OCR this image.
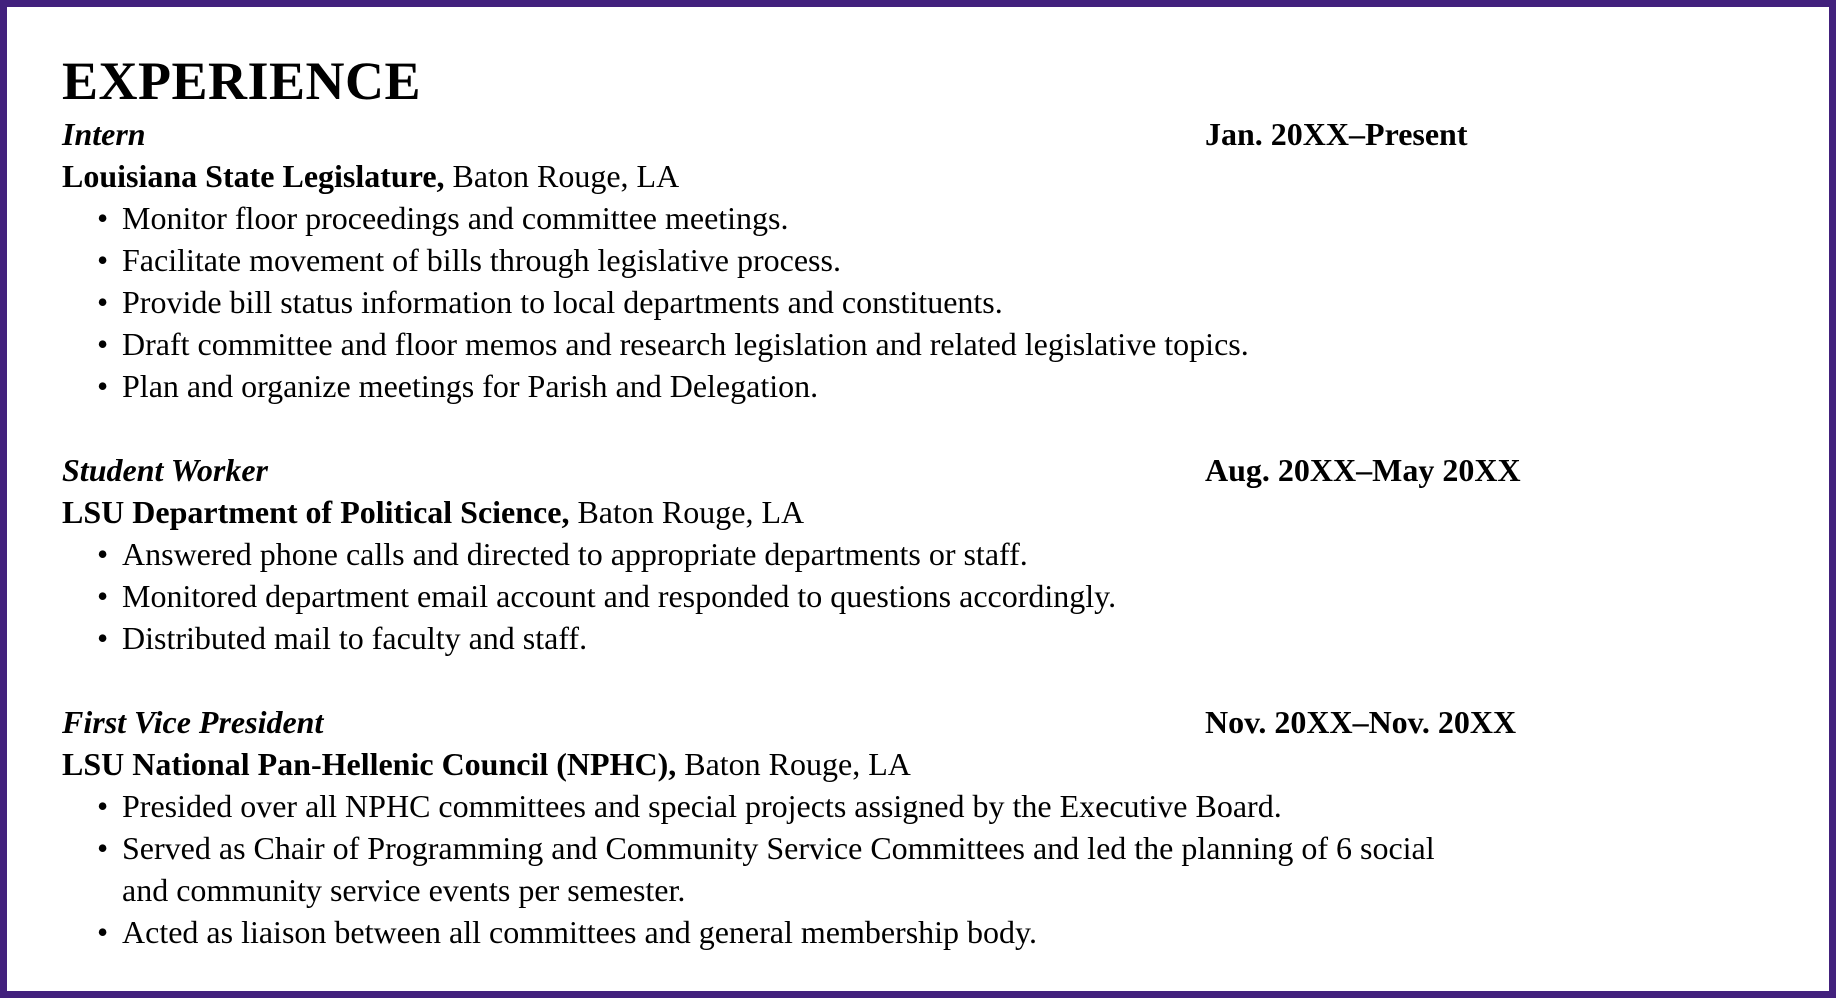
EXPERIENCE
Intern	Jan. 20XX–Present
Louisiana State Legislature, Baton Rouge, LA
• Monitor floor proceedings and committee meetings.
• Facilitate movement of bills through legislative process.
• Provide bill status information to local departments and constituents.
• Draft committee and floor memos and research legislation and related legislative topics.
• Plan and organize meetings for Parish and Delegation.
Student Worker	Aug. 20XX–May 20XX
LSU Department of Political Science, Baton Rouge, LA
• Answered phone calls and directed to appropriate departments or staff.
• Monitored department email account and responded to questions accordingly.
• Distributed mail to faculty and staff.
First Vice President	Nov. 20XX–Nov. 20XX
LSU National Pan-Hellenic Council (NPHC), Baton Rouge, LA
• Presided over all NPHC committees and special projects assigned by the Executive Board.
• Served as Chair of Programming and Community Service Committees and led the planning of 6 social and community service events per semester.
• Acted as liaison between all committees and general membership body.
